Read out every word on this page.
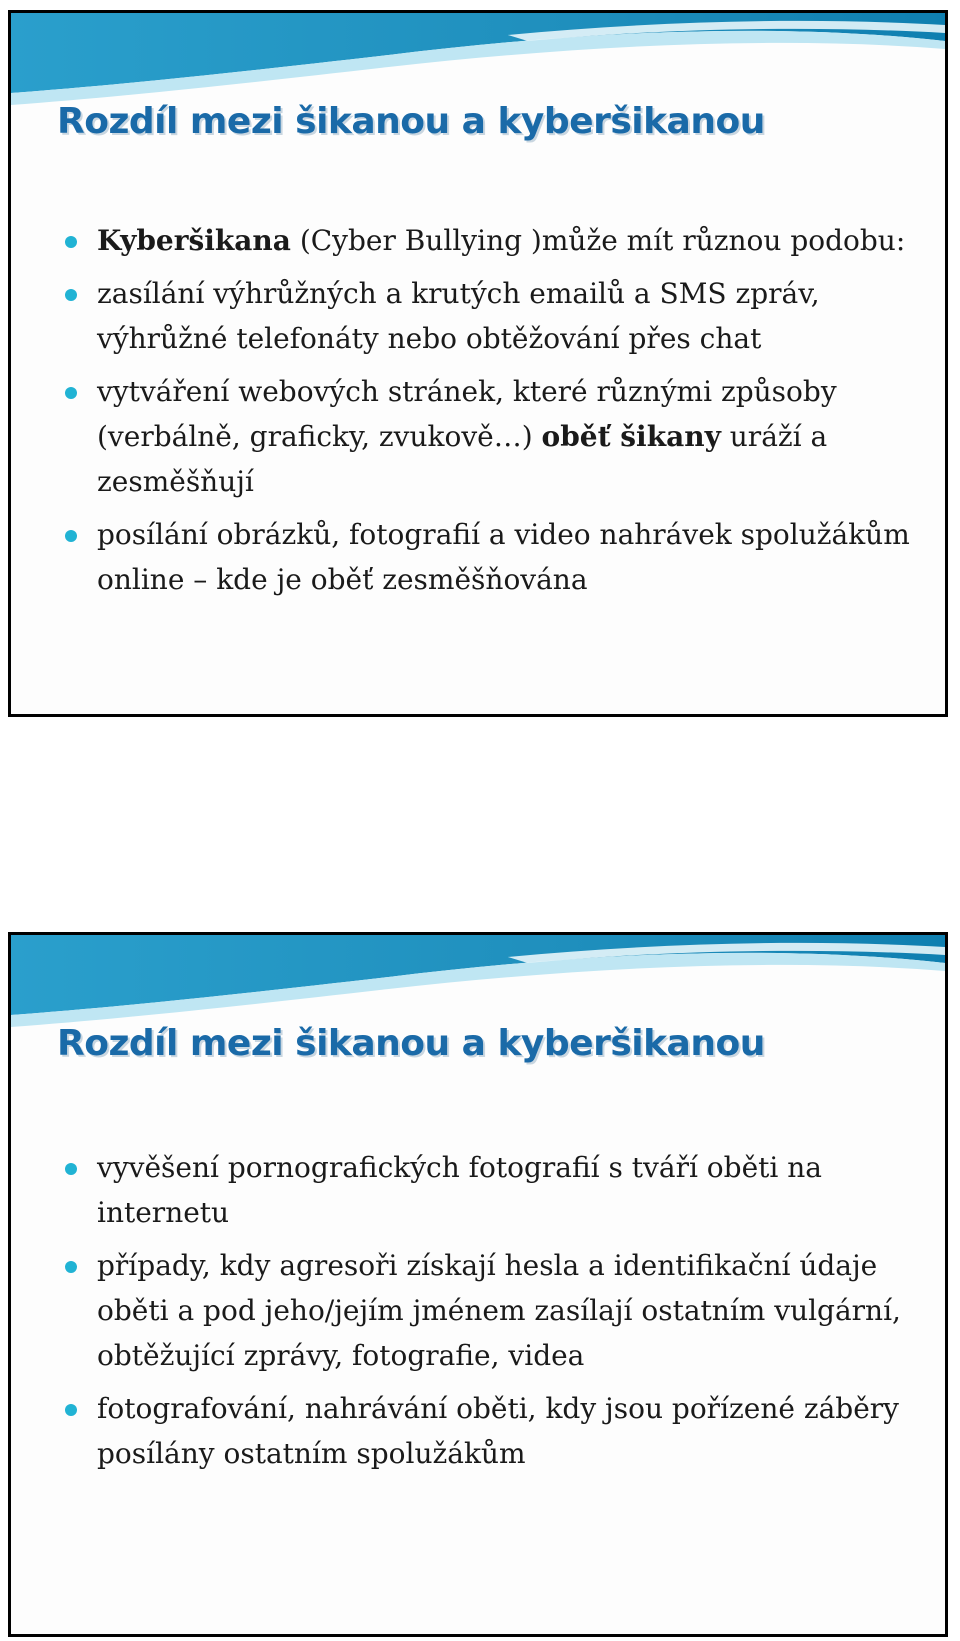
Rozdíl mezi šikanou a kyberšikanou
Kyberšikana (Cyber Bullying )může mít různou podobu:
zasílání výhrůžných a krutých emailů a SMS zpráv, výhrůžné telefonáty nebo obtěžování přes chat
vytváření webových stránek, které různými způsoby (verbálně, graficky, zvukově…) oběť šikany uráží a zesměšňují
posílání obrázků, fotografií a video nahrávek spolužákům online – kde je oběť zesměšňována
Rozdíl mezi šikanou a kyberšikanou
vyvěšení pornografických fotografií s tváří oběti na internetu
případy, kdy agresoři získají hesla a identifikační údaje oběti a pod jeho/jejím jménem zasílají ostatním vulgární, obtěžující zprávy, fotografie, videa
fotografování, nahrávání oběti, kdy jsou pořízené záběry posílány ostatním spolužákům
